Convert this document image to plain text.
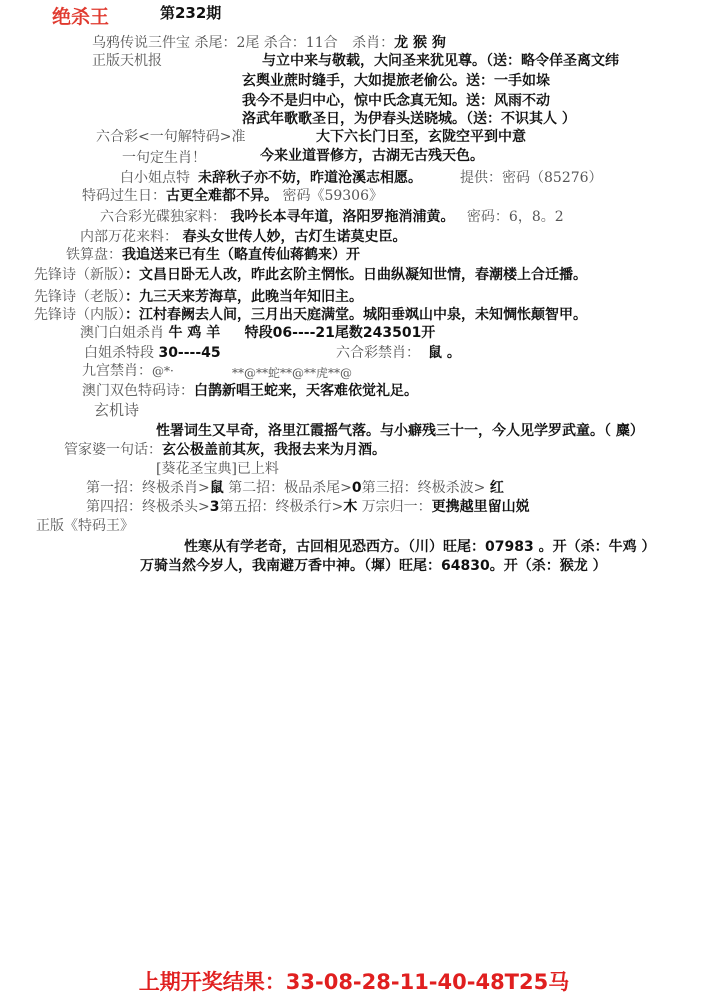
绝杀王	第232期
乌鸦传说三件宝 杀尾：2尾 杀合：11合 杀肖：龙 猴 狗
正版天机报	与立中来与敬载，大问圣来犹见尊。（送：略令佯圣离文纬
玄舆业蔗时缝手，大如提旅老偷公。送：一手如垛
我今不是归中心，惊中氏念真无知。送：风雨不动
洛武年歌歌圣日，为伊春头送晓城。（送：不识其人 ）
六合彩<一句解特码>准	大下六长门日至，玄陇空平到中意
一句定生肖！	今来业道晋修方，古湖无古残天色。
白小姐点特 未辞秋子亦不妨，昨道沧溪志相愿。	提供：密码（85276）
特码过生日：古更全难都不异。 密码《59306》
六合彩光碟独家料： 我吟长本寻年道，洛阳罗拖消浦黄。 密码：6，8。2
内部万花来料： 春头女世传人妙，古灯生诺莫史臣。
铁算盘：我追送来已有生（略直传仙蒋鹤来）开
先锋诗（新版）：文昌日卧无人改，昨此玄阶主惘怅。日曲纵凝知世情，春潮楼上合迁播。
先锋诗（老版）：九三天来芳海草，此晚当年知旧主。
先锋诗（内版）：江村春阙去人间，三月出天庭满堂。城阳垂飒山中泉，未知惆怅颠智甲。
澳门白姐杀肖 牛 鸡 羊 特段06----21尾数243501开
白姐杀特段 30----45	六合彩禁肖： 鼠 。
九宫禁肖：@*·	**@**蛇**@**虎**@
澳门双色特码诗：白鹊新唱王蛇来，天客难依觉礼足。
玄机诗
性署词生又早奇，洛里江霞摇气落。与小癖残三十一，今人见学罗武童。（ 麋）
管家婆一句话：玄公极盖前其灰，我报去来为月酒。
[葵花圣宝典]已上料
第一招：终极杀肖>鼠 第二招：极品杀尾>0第三招：终极杀波> 红
第四招：终极杀头>3第五招：终极杀行>木 万宗归一：更携越里留山娧
正版《特码王》
性寒从有学老奇，古回相见恐西方。（川）旺尾：07983 。开（杀：牛鸡 ）
万骑当然今岁人，我南避万香中神。（墀）旺尾：64830。开（杀：猴龙 ）
上期开奖结果：33-08-28-11-40-48T25马
